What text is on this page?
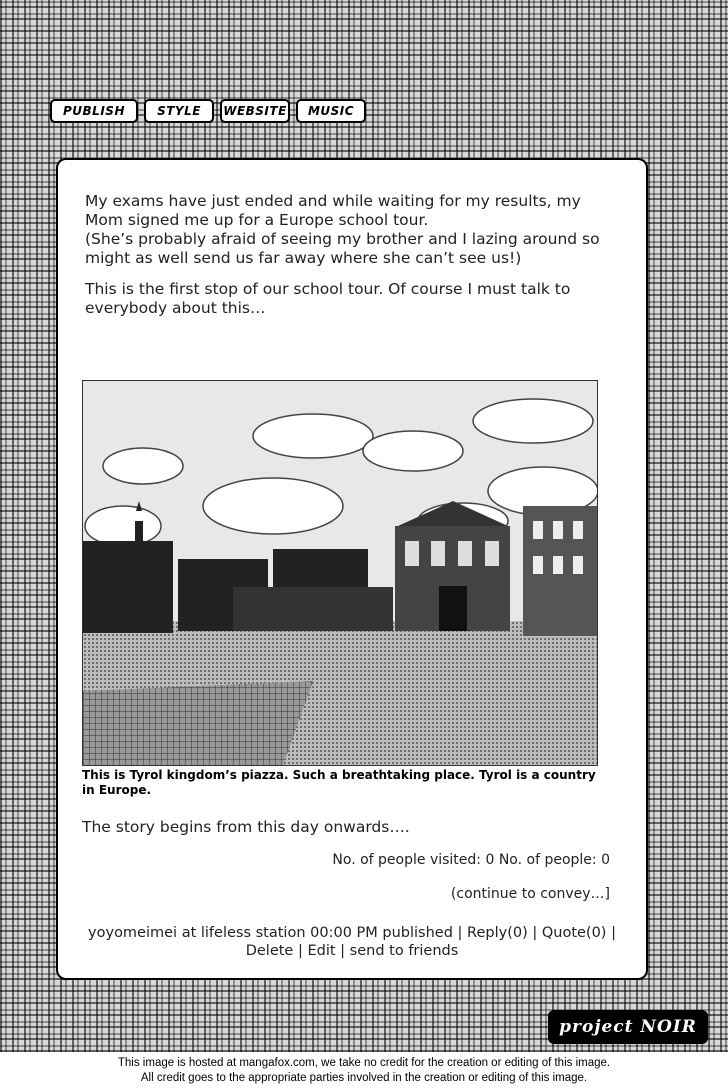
PUBLISH	STYLE	WEBSITE	MUSIC

My exams have just ended and while waiting for my results, my Mom signed me up for a Europe school tour.
(She’s probably afraid of seeing my brother and I lazing around so might as well send us far away where she can’t see us!)

This is the first stop of our school tour. Of course I must talk to everybody about this…

This is Tyrol kingdom’s piazza. Such a breathtaking place. Tyrol is a country in Europe.
The story begins from this day onwards….
No. of people visited: 0 No. of people: 0
(continue to convey…]
yoyomeimei at lifeless station 00:00 PM published | Reply(0) | Quote(0) |
Delete | Edit | send to friends
project NOIR
This image is hosted at mangafox.com, we take no credit for the creation or editing of this image.
All credit goes to the appropriate parties involved in the creation or editing of this image.
